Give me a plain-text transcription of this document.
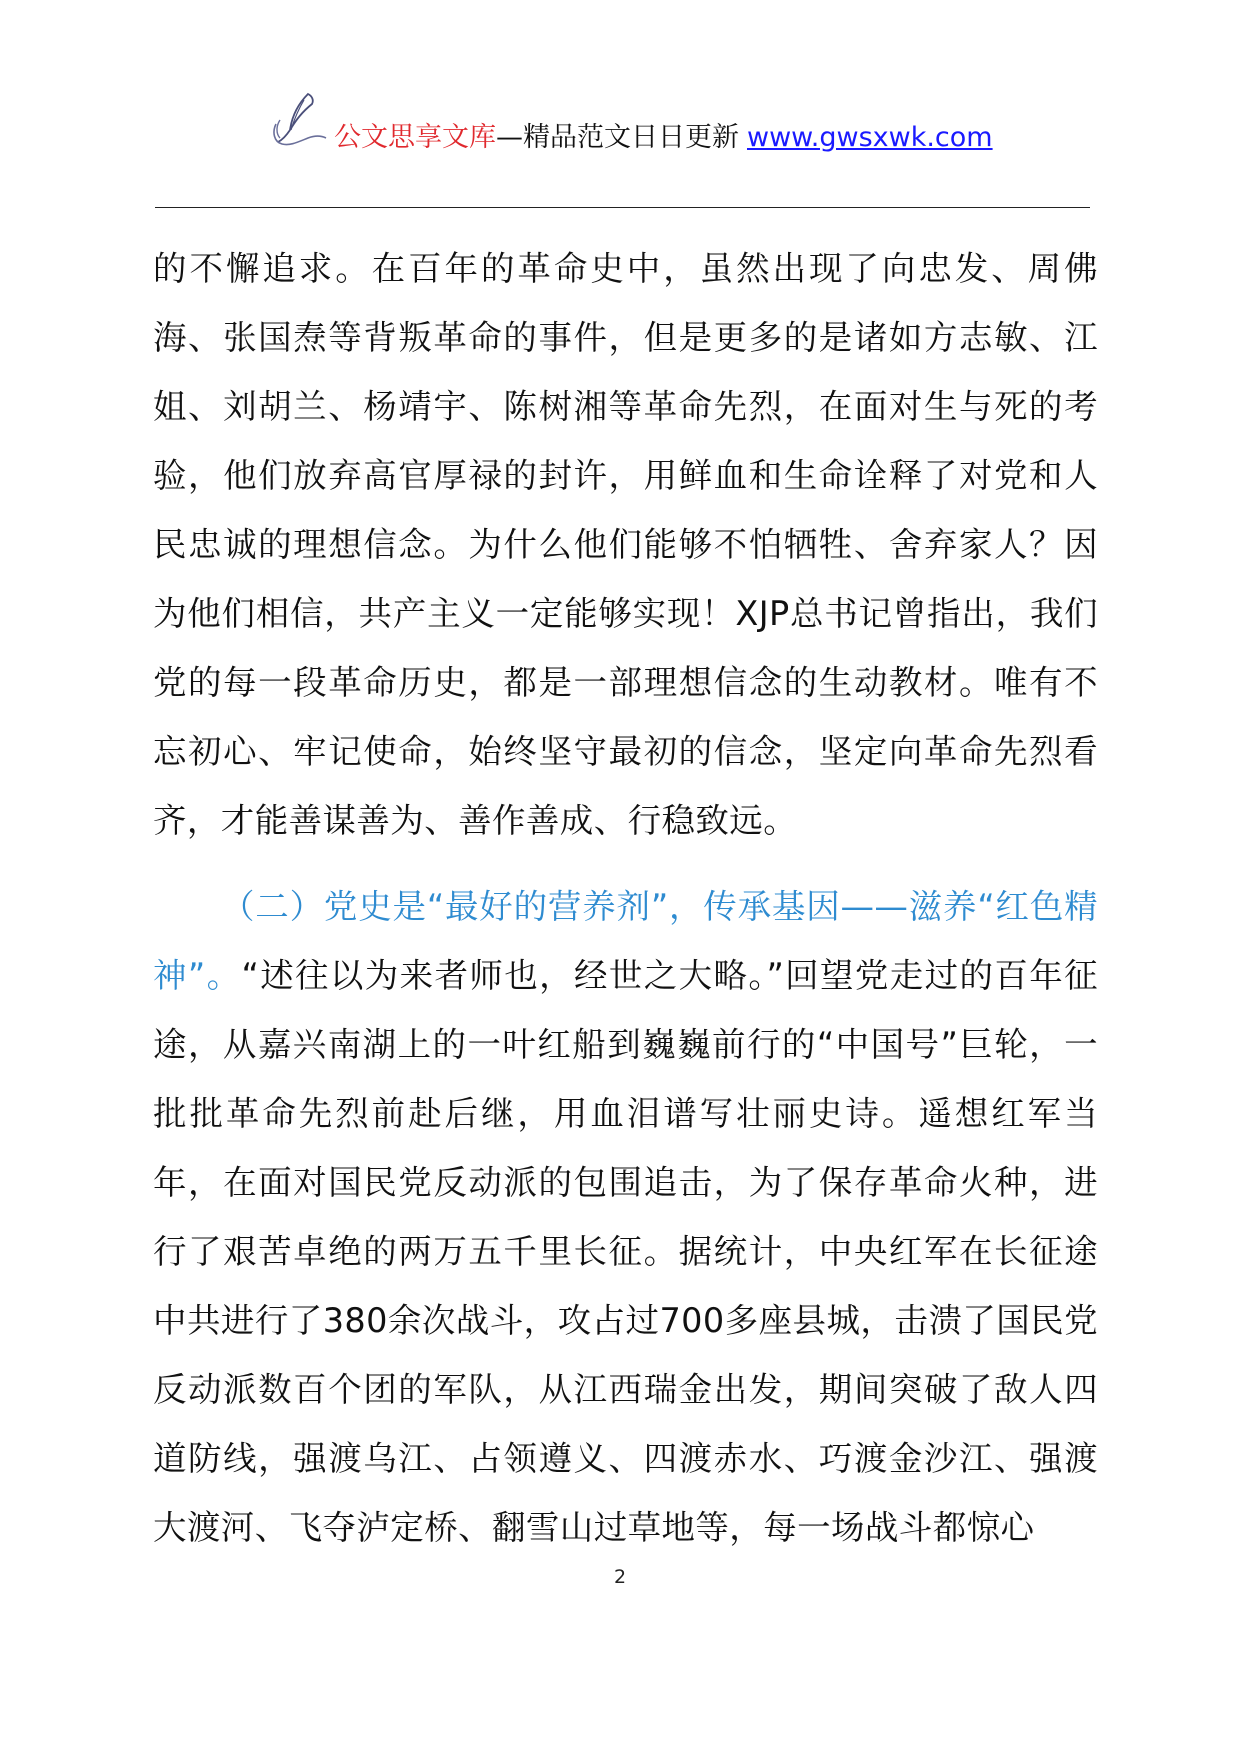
公文思享文库—精品范文日日更新 www.gwsxwk.com

的不懈追求。在百年的革命史中，虽然出现了向忠发、周佛海、张国焘等背叛革命的事件，但是更多的是诸如方志敏、江姐、刘胡兰、杨靖宇、陈树湘等革命先烈，在面对生与死的考验，他们放弃高官厚禄的封许，用鲜血和生命诠释了对党和人民忠诚的理想信念。为什么他们能够不怕牺牲、舍弃家人？因为他们相信，共产主义一定能够实现！XJP总书记曾指出，我们党的每一段革命历史，都是一部理想信念的生动教材。唯有不忘初心、牢记使命，始终坚守最初的信念，坚定向革命先烈看齐，才能善谋善为、善作善成、行稳致远。

（二）党史是“最好的营养剂”，传承基因——滋养“红色精神”。“述往以为来者师也，经世之大略。”回望党走过的百年征途，从嘉兴南湖上的一叶红船到巍巍前行的“中国号”巨轮，一批批革命先烈前赴后继，用血泪谱写壮丽史诗。遥想红军当年，在面对国民党反动派的包围追击，为了保存革命火种，进行了艰苦卓绝的两万五千里长征。据统计，中央红军在长征途中共进行了380余次战斗，攻占过700多座县城，击溃了国民党反动派数百个团的军队，从江西瑞金出发，期间突破了敌人四道防线，强渡乌江、占领遵义、四渡赤水、巧渡金沙江、强渡大渡河、飞夺泸定桥、翻雪山过草地等，每一场战斗都惊心

2
